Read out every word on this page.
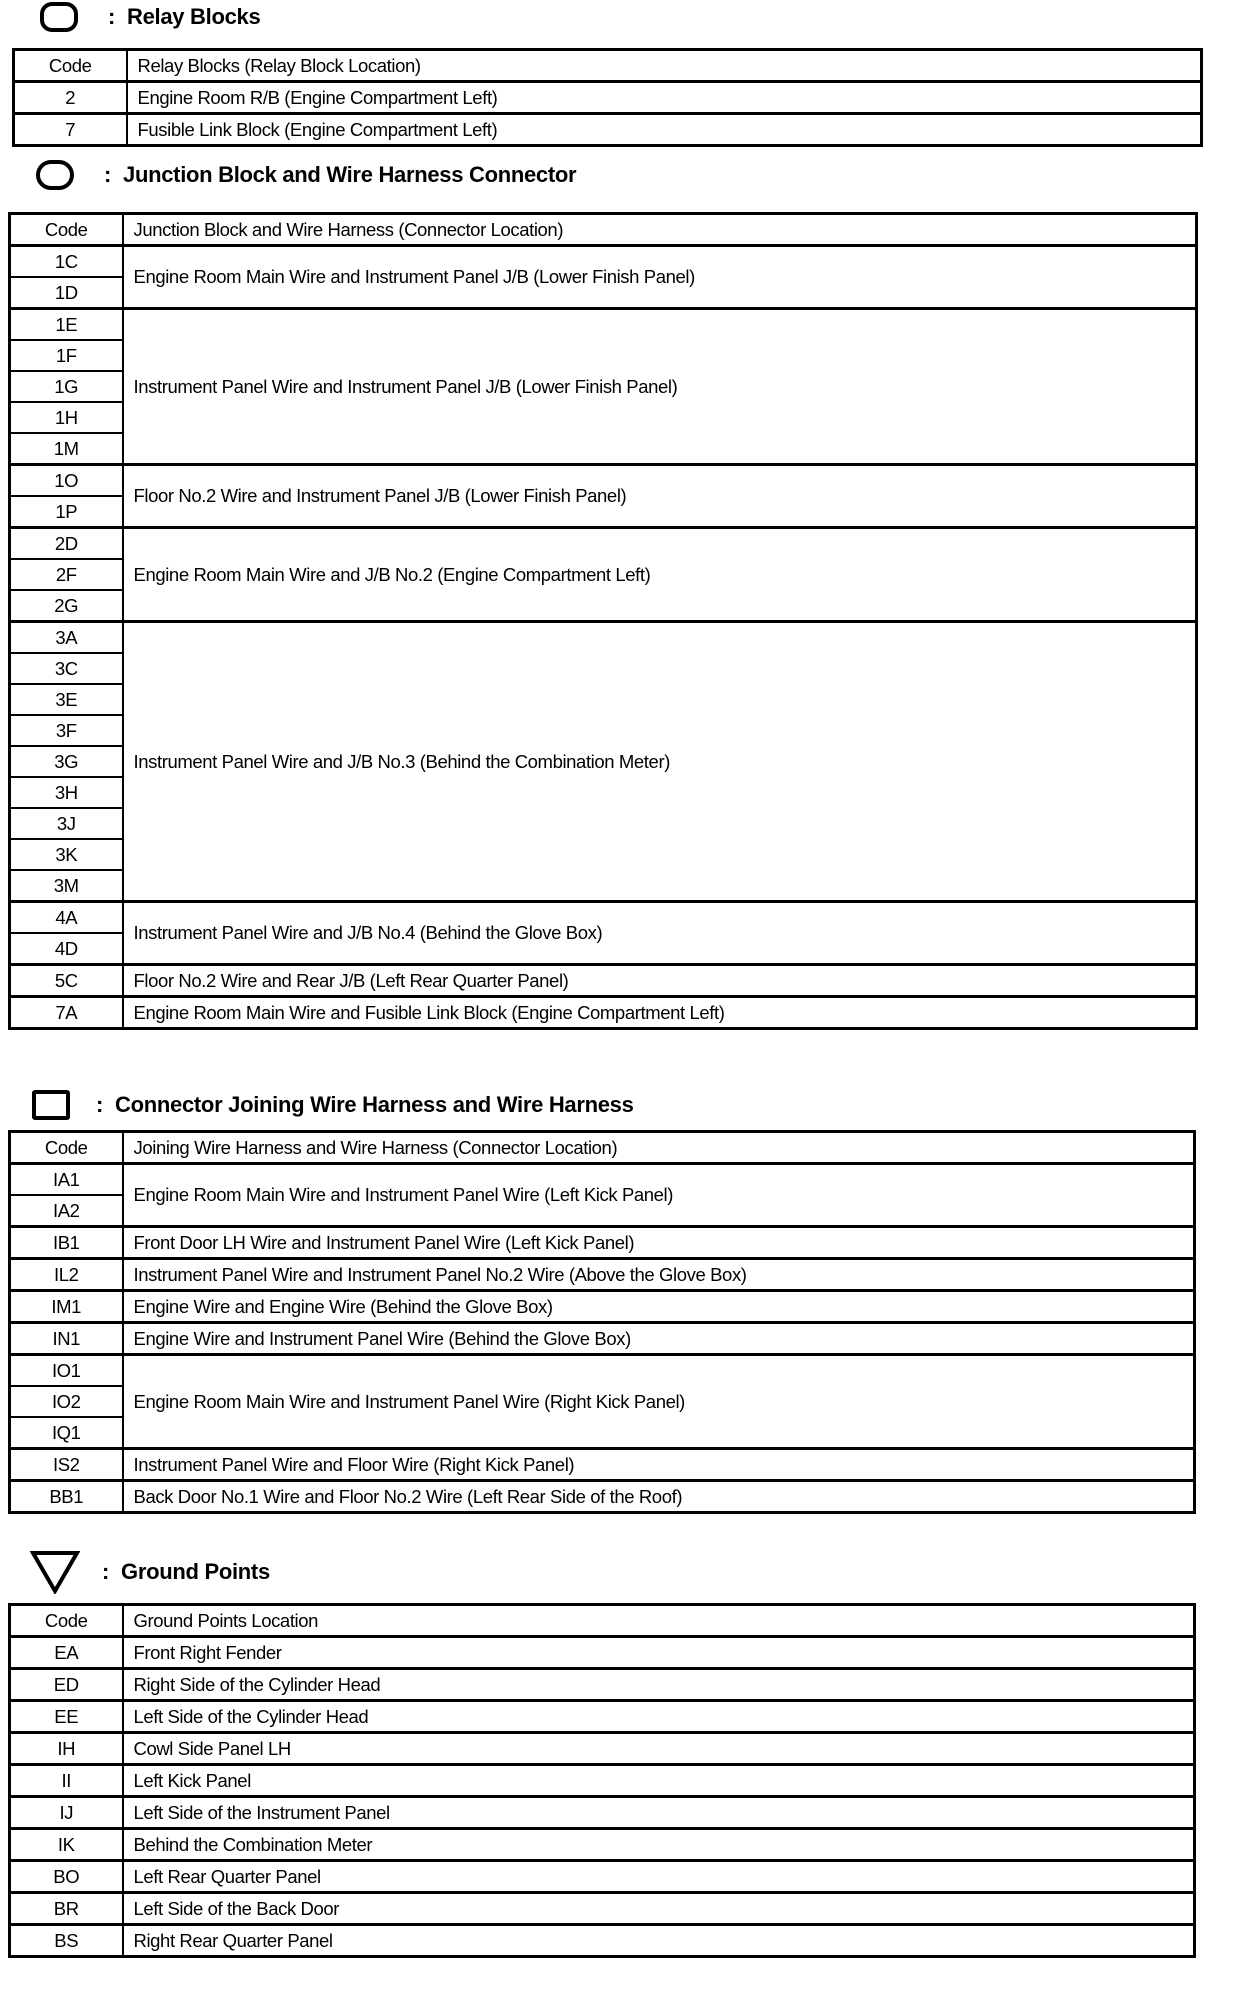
: Relay Blocks
Code	Relay Blocks (Relay Block Location)
2	Engine Room R/B (Engine Compartment Left)
7	Fusible Link Block (Engine Compartment Left)
: Junction Block and Wire Harness Connector
Code	Junction Block and Wire Harness (Connector Location)
1C	Engine Room Main Wire and Instrument Panel J/B (Lower Finish Panel)
1D	
1E	Instrument Panel Wire and Instrument Panel J/B (Lower Finish Panel)
1F	
1G	
1H	
1M	
1O	Floor No.2 Wire and Instrument Panel J/B (Lower Finish Panel)
1P	
2D	Engine Room Main Wire and J/B No.2 (Engine Compartment Left)
2F	
2G	
3A	Instrument Panel Wire and J/B No.3 (Behind the Combination Meter)
3C	
3E	
3F	
3G	
3H	
3J	
3K	
3M	
4A	Instrument Panel Wire and J/B No.4 (Behind the Glove Box)
4D	
5C	Floor No.2 Wire and Rear J/B (Left Rear Quarter Panel)
7A	Engine Room Main Wire and Fusible Link Block (Engine Compartment Left)
: Connector Joining Wire Harness and Wire Harness
Code	Joining Wire Harness and Wire Harness (Connector Location)
IA1	Engine Room Main Wire and Instrument Panel Wire (Left Kick Panel)
IA2	
IB1	Front Door LH Wire and Instrument Panel Wire (Left Kick Panel)
IL2	Instrument Panel Wire and Instrument Panel No.2 Wire (Above the Glove Box)
IM1	Engine Wire and Engine Wire (Behind the Glove Box)
IN1	Engine Wire and Instrument Panel Wire (Behind the Glove Box)
IO1	Engine Room Main Wire and Instrument Panel Wire (Right Kick Panel)
IO2	
IQ1	
IS2	Instrument Panel Wire and Floor Wire (Right Kick Panel)
BB1	Back Door No.1 Wire and Floor No.2 Wire (Left Rear Side of the Roof)
: Ground Points
Code	Ground Points Location
EA	Front Right Fender
ED	Right Side of the Cylinder Head
EE	Left Side of the Cylinder Head
IH	Cowl Side Panel LH
II	Left Kick Panel
IJ	Left Side of the Instrument Panel
IK	Behind the Combination Meter
BO	Left Rear Quarter Panel
BR	Left Side of the Back Door
BS	Right Rear Quarter Panel
